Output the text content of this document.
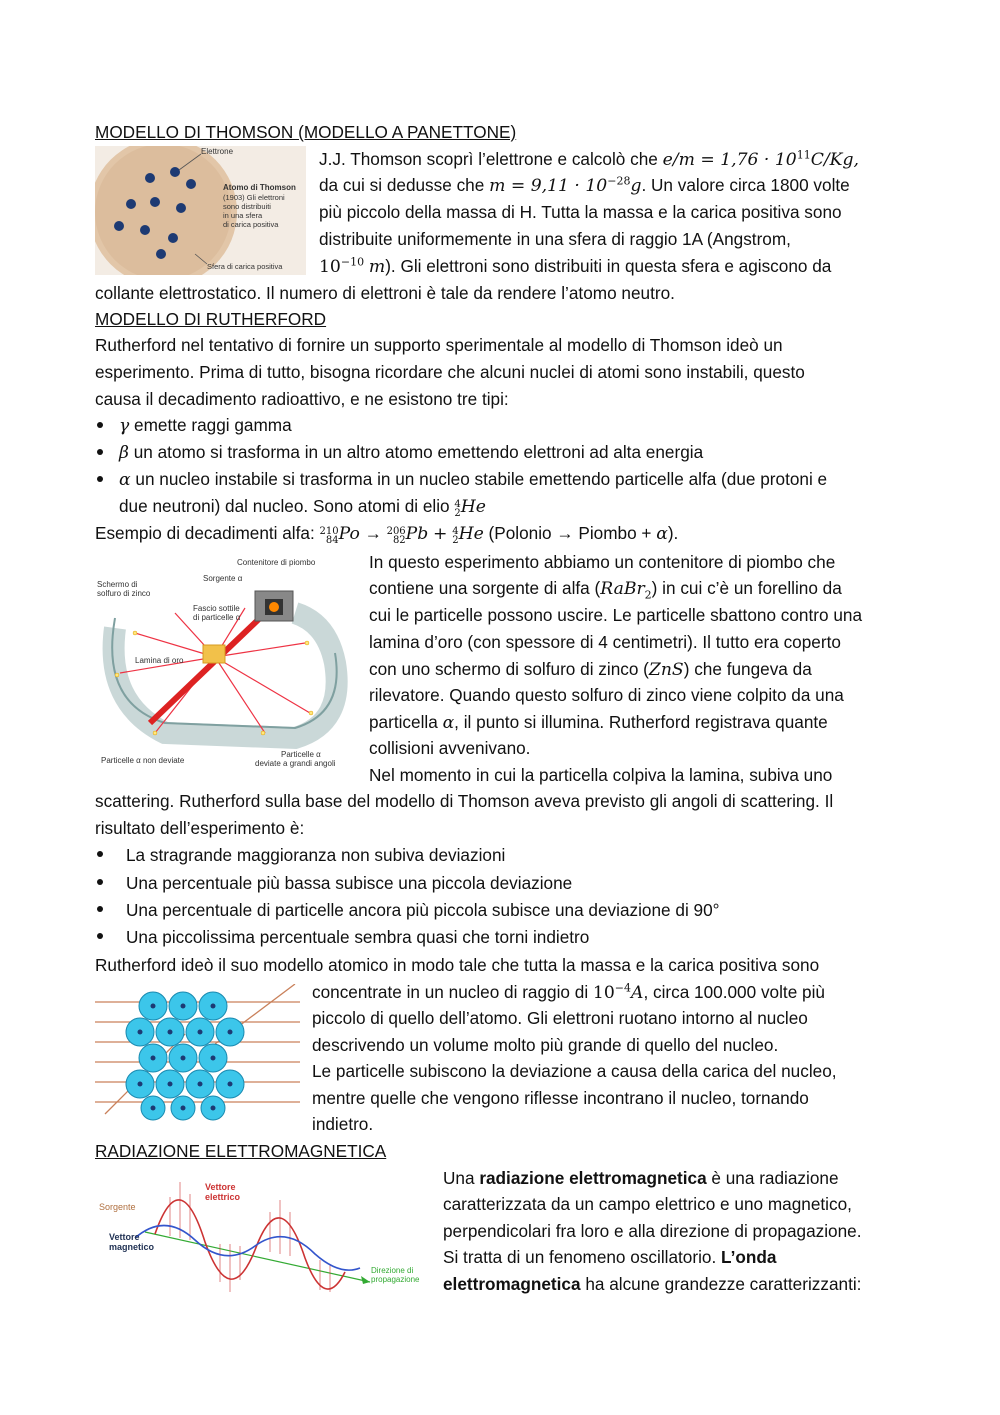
MODELLO DI THOMSON (MODELLO A PANETTONE)
Elettrone
Atomo di Thomson
(1903) Gli elettroni
sono distribuiti
in una sfera
di carica positiva
Sfera di carica positiva
J.J. Thomson scoprì l’elettrone e calcolò che $e/m = 1,76 \cdot 10^{11}C/Kg$,
da cui si dedusse che $m = 9,11 \cdot 10^{-28}g$. Un valore circa 1800 volte
più piccolo della massa di H. Tutta la massa e la carica positiva sono
distribuite uniformemente in una sfera di raggio 1A (Angstrom,
$10^{-10}$ m). Gli elettroni sono distribuiti in questa sfera e agiscono da
collante elettrostatico. Il numero di elettroni è tale da rendere l’atomo neutro.
MODELLO DI RUTHERFORD
Rutherford nel tentativo di fornire un supporto sperimentale al modello di Thomson ideò un
esperimento. Prima di tutto, bisogna ricordare che alcuni nuclei di atomi sono instabili, questo
causa il decadimento radioattivo, e ne esistono tre tipi:
γ emette raggi gamma
β un atomo si trasforma in un altro atomo emettendo elettroni ad alta energia
α un nucleo instabile si trasforma in un nucleo stabile emettendo particelle alfa (due protoni e
due neutroni) dal nucleo. Sono atomi di elio 4
2 He
Esempio di decadimenti alfa: 210
84 Po → 206
82 Pb + 4
2 He (Polonio → Piombo + α).
Contenitore di piombo
Sorgente α
Schermo di
solfuro di zinco
Fascio sottile
di particelle α
Lamina di oro
Particelle α non deviate
Particelle α
deviate a grandi angoli
In questo esperimento abbiamo un contenitore di piombo che
contiene una sorgente di alfa (RaBr$_2$) in cui c’è un forellino da
cui le particelle possono uscire. Le particelle sbattono contro una
lamina d’oro (con spessore di 4 centimetri). Il tutto era coperto
con uno schermo di solfuro di zinco (ZnS) che fungeva da
rilevatore. Quando questo solfuro di zinco viene colpito da una
particella α, il punto si illumina. Rutherford registrava quante
collisioni avvenivano.
Nel momento in cui la particella colpiva la lamina, subiva uno
scattering. Rutherford sulla base del modello di Thomson aveva previsto gli angoli di scattering. Il
risultato dell’esperimento è:
La stragrande maggioranza non subiva deviazioni
Una percentuale più bassa subisce una piccola deviazione
Una percentuale di particelle ancora più piccola subisce una deviazione di 90°
Una piccolissima percentuale sembra quasi che torni indietro
Rutherford ideò il suo modello atomico in modo tale che tutta la massa e la carica positiva sono
concentrate in un nucleo di raggio di $10^{-4}A$, circa 100.000 volte più
piccolo di quello dell’atomo. Gli elettroni ruotano intorno al nucleo
descrivendo un volume molto più grande di quello del nucleo.
Le particelle subiscono la deviazione a causa della carica del nucleo,
mentre quelle che vengono riflesse incontrano il nucleo, tornando
indietro.
RADIAZIONE ELETTROMAGNETICA
Sorgente
Vettore
elettrico
Vettore
magnetico
Direzione di
propagazione
Una radiazione elettromagnetica è una radiazione
caratterizzata da un campo elettrico e uno magnetico,
perpendicolari fra loro e alla direzione di propagazione.
Si tratta di un fenomeno oscillatorio. L’onda
elettromagnetica ha alcune grandezze caratterizzanti:
